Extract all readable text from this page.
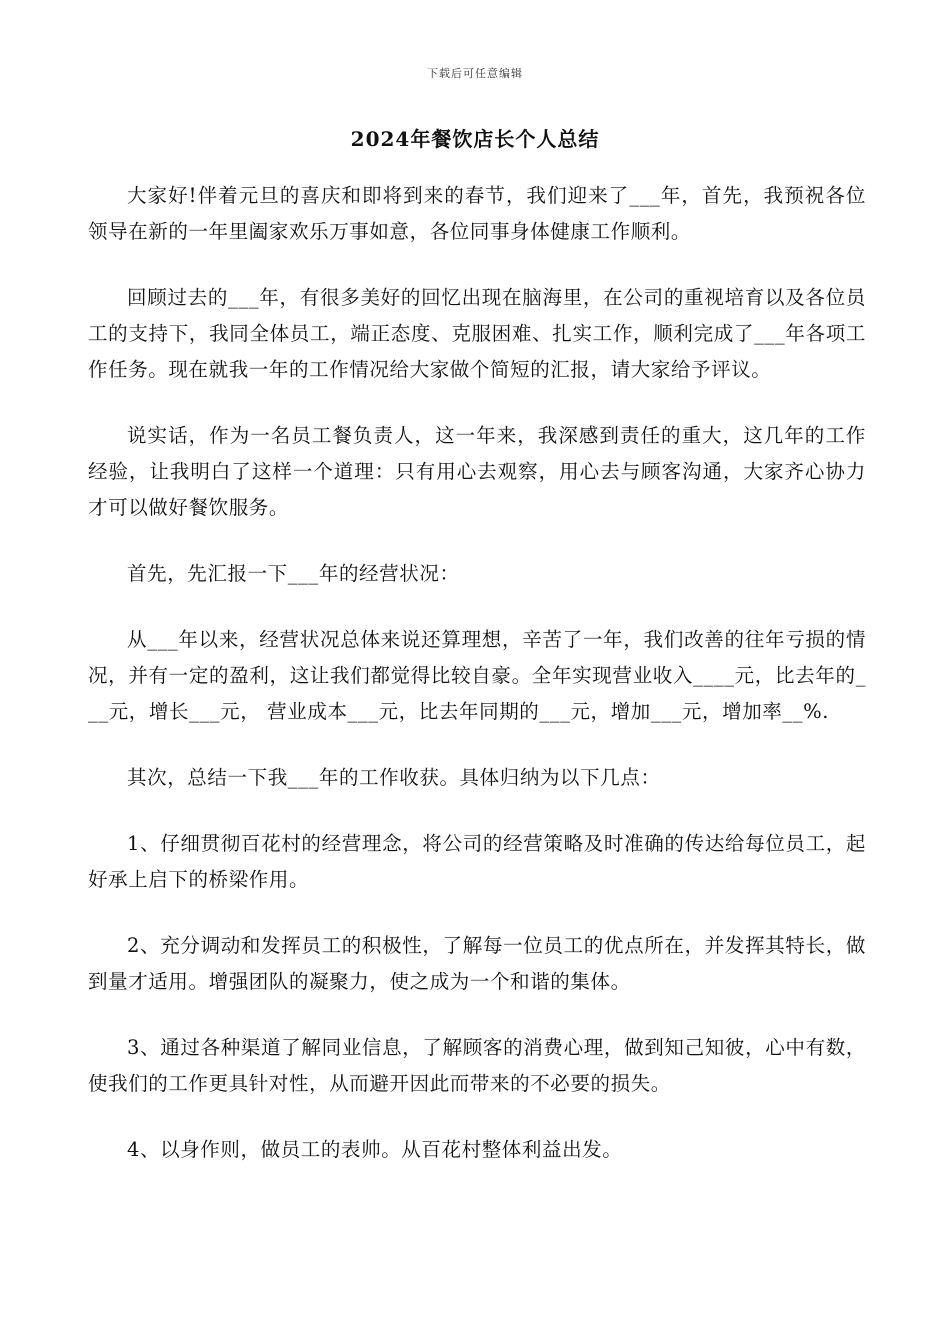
下载后可任意编辑
2024年餐饮店长个人总结

大家好!伴着元旦的喜庆和即将到来的春节，我们迎来了___年，首先，我预祝各位领导在新的一年里阖家欢乐万事如意，各位同事身体健康工作顺利。

回顾过去的___年，有很多美好的回忆出现在脑海里，在公司的重视培育以及各位员工的支持下，我同全体员工，端正态度、克服困难、扎实工作，顺利完成了___年各项工作任务。现在就我一年的工作情况给大家做个简短的汇报，请大家给予评议。

说实话，作为一名员工餐负责人，这一年来，我深感到责任的重大，这几年的工作经验，让我明白了这样一个道理：只有用心去观察，用心去与顾客沟通，大家齐心协力才可以做好餐饮服务。

首先，先汇报一下___年的经营状况：

从___年以来，经营状况总体来说还算理想，辛苦了一年，我们改善的往年亏损的情况，并有一定的盈利，这让我们都觉得比较自豪。全年实现营业收入____元，比去年的___元，增长___元， 营业成本___元，比去年同期的___元，增加___元，增加率__%.

其次，总结一下我___年的工作收获。具体归纳为以下几点：

1、仔细贯彻百花村的经营理念，将公司的经营策略及时准确的传达给每位员工，起好承上启下的桥梁作用。

2、充分调动和发挥员工的积极性，了解每一位员工的优点所在，并发挥其特长，做到量才适用。增强团队的凝聚力，使之成为一个和谐的集体。

3、通过各种渠道了解同业信息，了解顾客的消费心理，做到知己知彼，心中有数，使我们的工作更具针对性，从而避开因此而带来的不必要的损失。

4、以身作则，做员工的表帅。从百花村整体利益出发。
